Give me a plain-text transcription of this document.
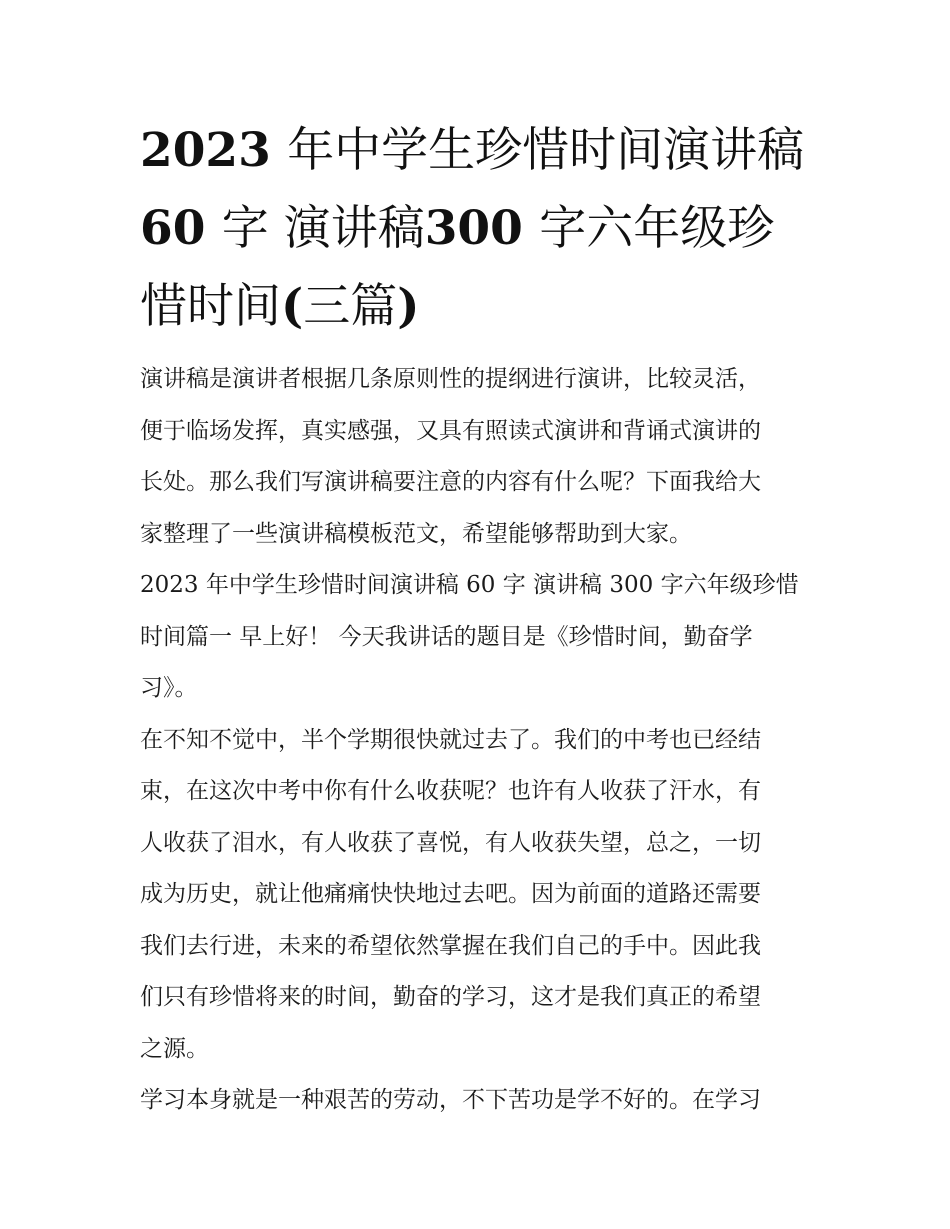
2023 年中学生珍惜时间演讲稿
60 字 演讲稿300 字六年级珍
惜时间(三篇)

演讲稿是演讲者根据几条原则性的提纲进行演讲，比较灵活，
便于临场发挥，真实感强，又具有照读式演讲和背诵式演讲的
长处。那么我们写演讲稿要注意的内容有什么呢？下面我给大
家整理了一些演讲稿模板范文，希望能够帮助到大家。

2023 年中学生珍惜时间演讲稿 60 字 演讲稿 300 字六年级珍惜
时间篇一 早上好！ 今天我讲话的题目是《珍惜时间，勤奋学
习》。

在不知不觉中，半个学期很快就过去了。我们的中考也已经结
束，在这次中考中你有什么收获呢？也许有人收获了汗水，有
人收获了泪水，有人收获了喜悦，有人收获失望，总之，一切
成为历史，就让他痛痛快快地过去吧。因为前面的道路还需要
我们去行进，未来的希望依然掌握在我们自己的手中。因此我
们只有珍惜将来的时间，勤奋的学习，这才是我们真正的希望
之源。

学习本身就是一种艰苦的劳动，不下苦功是学不好的。在学习
